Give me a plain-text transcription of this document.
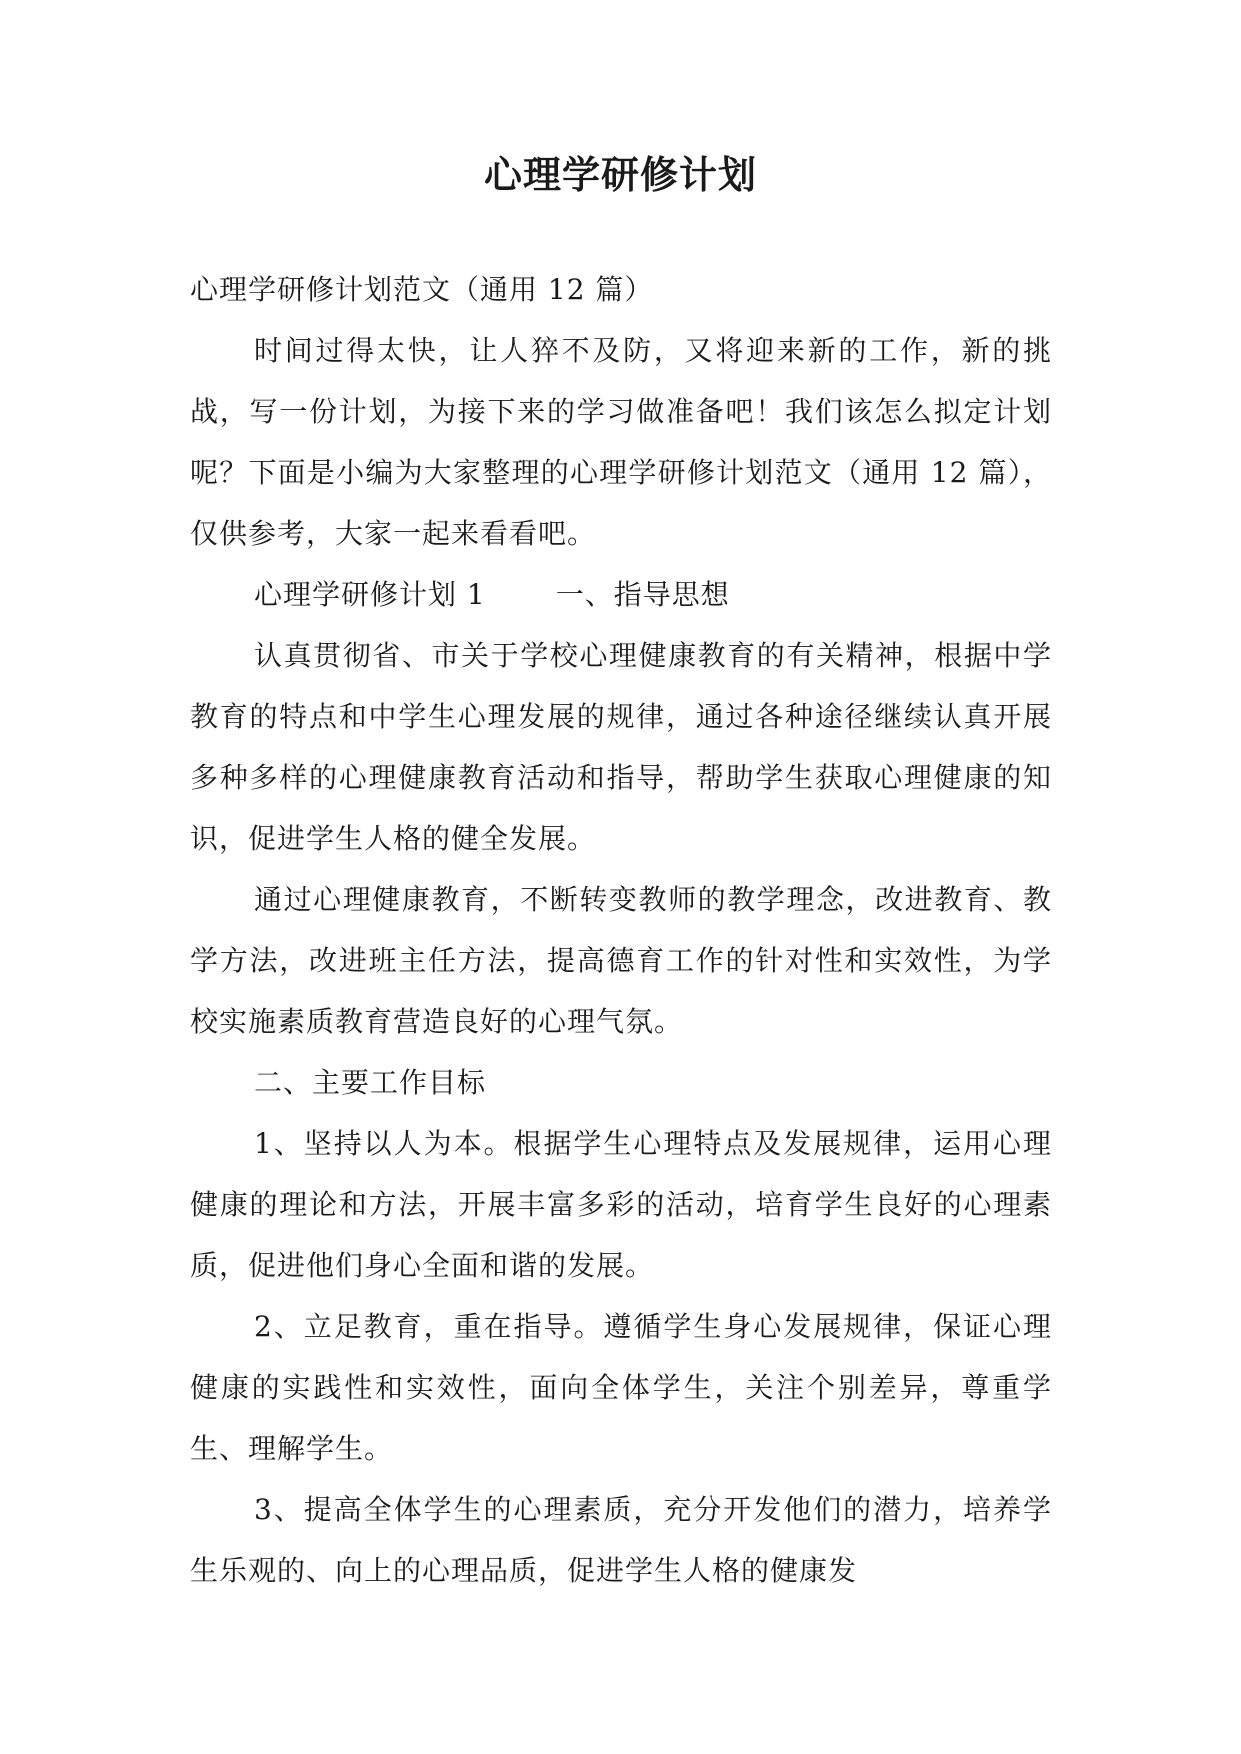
心理学研修计划

心理学研修计划范文（通用 12 篇）

时间过得太快，让人猝不及防，又将迎来新的工作，新的挑战，写一份计划，为接下来的学习做准备吧！我们该怎么拟定计划呢？下面是小编为大家整理的心理学研修计划范文（通用 12 篇），仅供参考，大家一起来看看吧。

心理学研修计划 1	一、指导思想

认真贯彻省、市关于学校心理健康教育的有关精神，根据中学教育的特点和中学生心理发展的规律，通过各种途径继续认真开展多种多样的心理健康教育活动和指导，帮助学生获取心理健康的知识，促进学生人格的健全发展。

通过心理健康教育，不断转变教师的教学理念，改进教育、教学方法，改进班主任方法，提高德育工作的针对性和实效性，为学校实施素质教育营造良好的心理气氛。

二、主要工作目标

1、坚持以人为本。根据学生心理特点及发展规律，运用心理健康的理论和方法，开展丰富多彩的活动，培育学生良好的心理素质，促进他们身心全面和谐的发展。

2、立足教育，重在指导。遵循学生身心发展规律，保证心理健康的实践性和实效性，面向全体学生，关注个别差异，尊重学生、理解学生。

3、提高全体学生的心理素质，充分开发他们的潜力，培养学生乐观的、向上的心理品质，促进学生人格的健康发
